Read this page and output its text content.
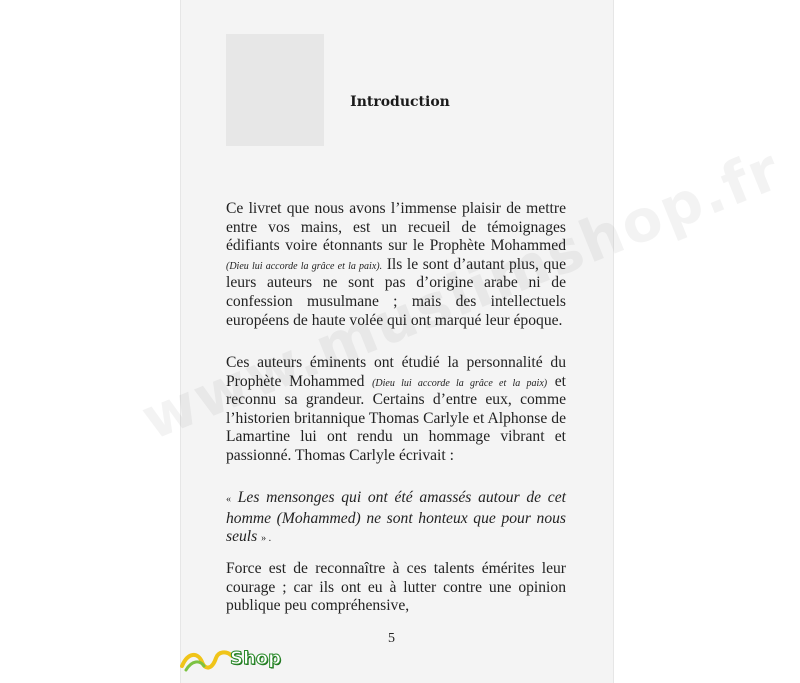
Introduction

Ce livret que nous avons l’immense plaisir de mettre entre vos mains, est un recueil de témoignages édifiants voire étonnants sur le Prophète Mohammed (Dieu lui accorde la grâce et la paix). Ils le sont d’autant plus, que leurs auteurs ne sont pas d’origine arabe ni de confession musulmane ; mais des intellectuels européens de haute volée qui ont marqué leur époque.

Ces auteurs éminents ont étudié la personnalité du Prophète Mohammed (Dieu lui accorde la grâce et la paix) et reconnu sa grandeur. Certains d’entre eux, comme l’historien britannique Thomas Carlyle et Alphonse de Lamartine lui ont rendu un hommage vibrant et passionné. Thomas Carlyle écrivait :

« Les mensonges qui ont été amassés autour de cet homme (Mohammed) ne sont honteux que pour nous seuls » .

Force est de reconnaître à ces talents émérites leur courage ; car ils ont eu à lutter contre une opinion publique peu compréhensive,

5
Shop
